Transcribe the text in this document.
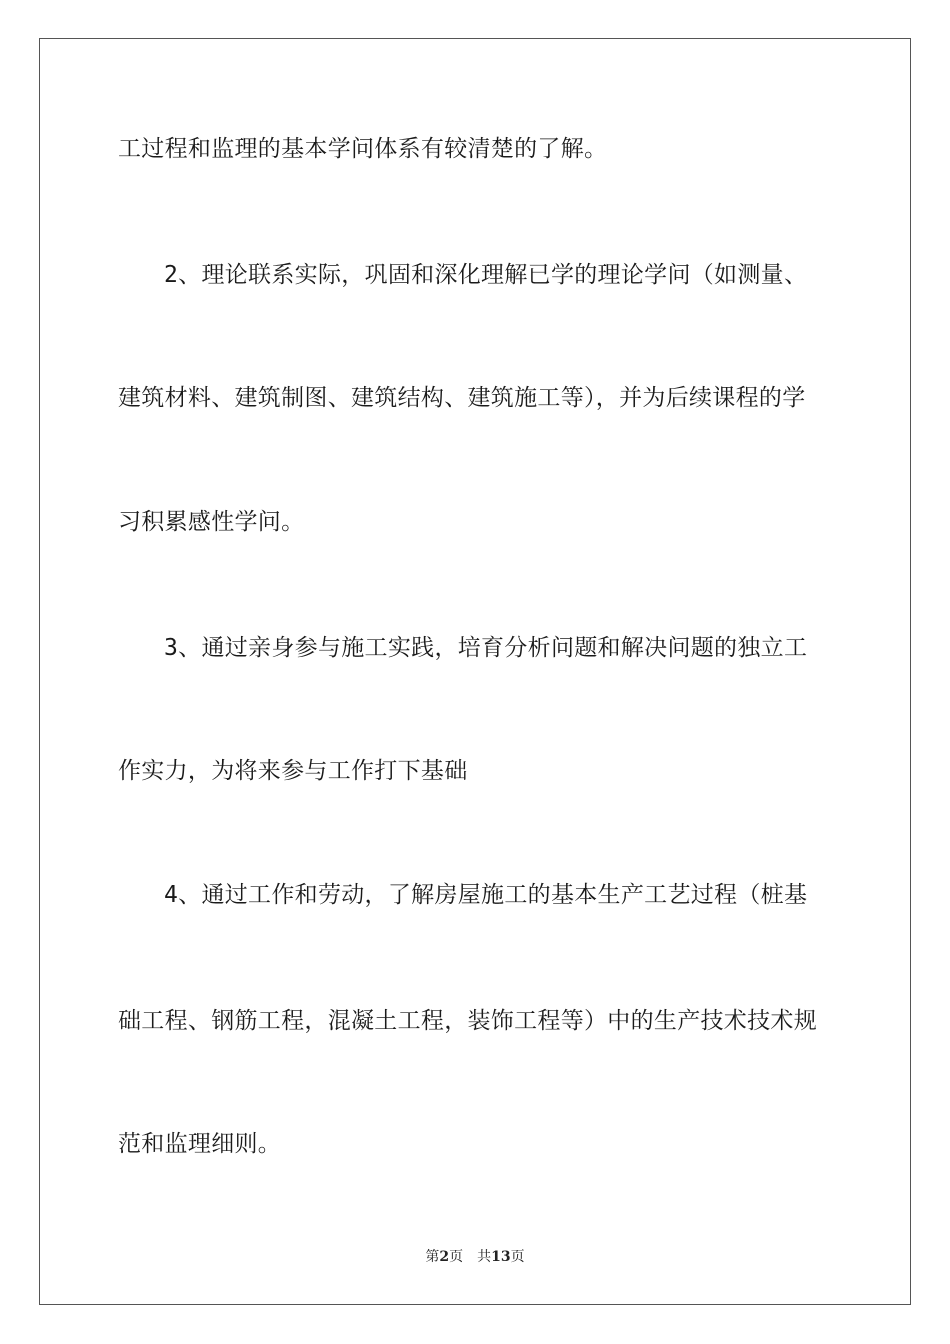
工过程和监理的基本学问体系有较清楚的了解。
2、理论联系实际，巩固和深化理解已学的理论学问（如测量、
建筑材料、建筑制图、建筑结构、建筑施工等），并为后续课程的学
习积累感性学问。
3、通过亲身参与施工实践，培育分析问题和解决问题的独立工
作实力，为将来参与工作打下基础
4、通过工作和劳动，了解房屋施工的基本生产工艺过程（桩基
础工程、钢筋工程，混凝土工程，装饰工程等）中的生产技术技术规
范和监理细则。
第2页 共13页
